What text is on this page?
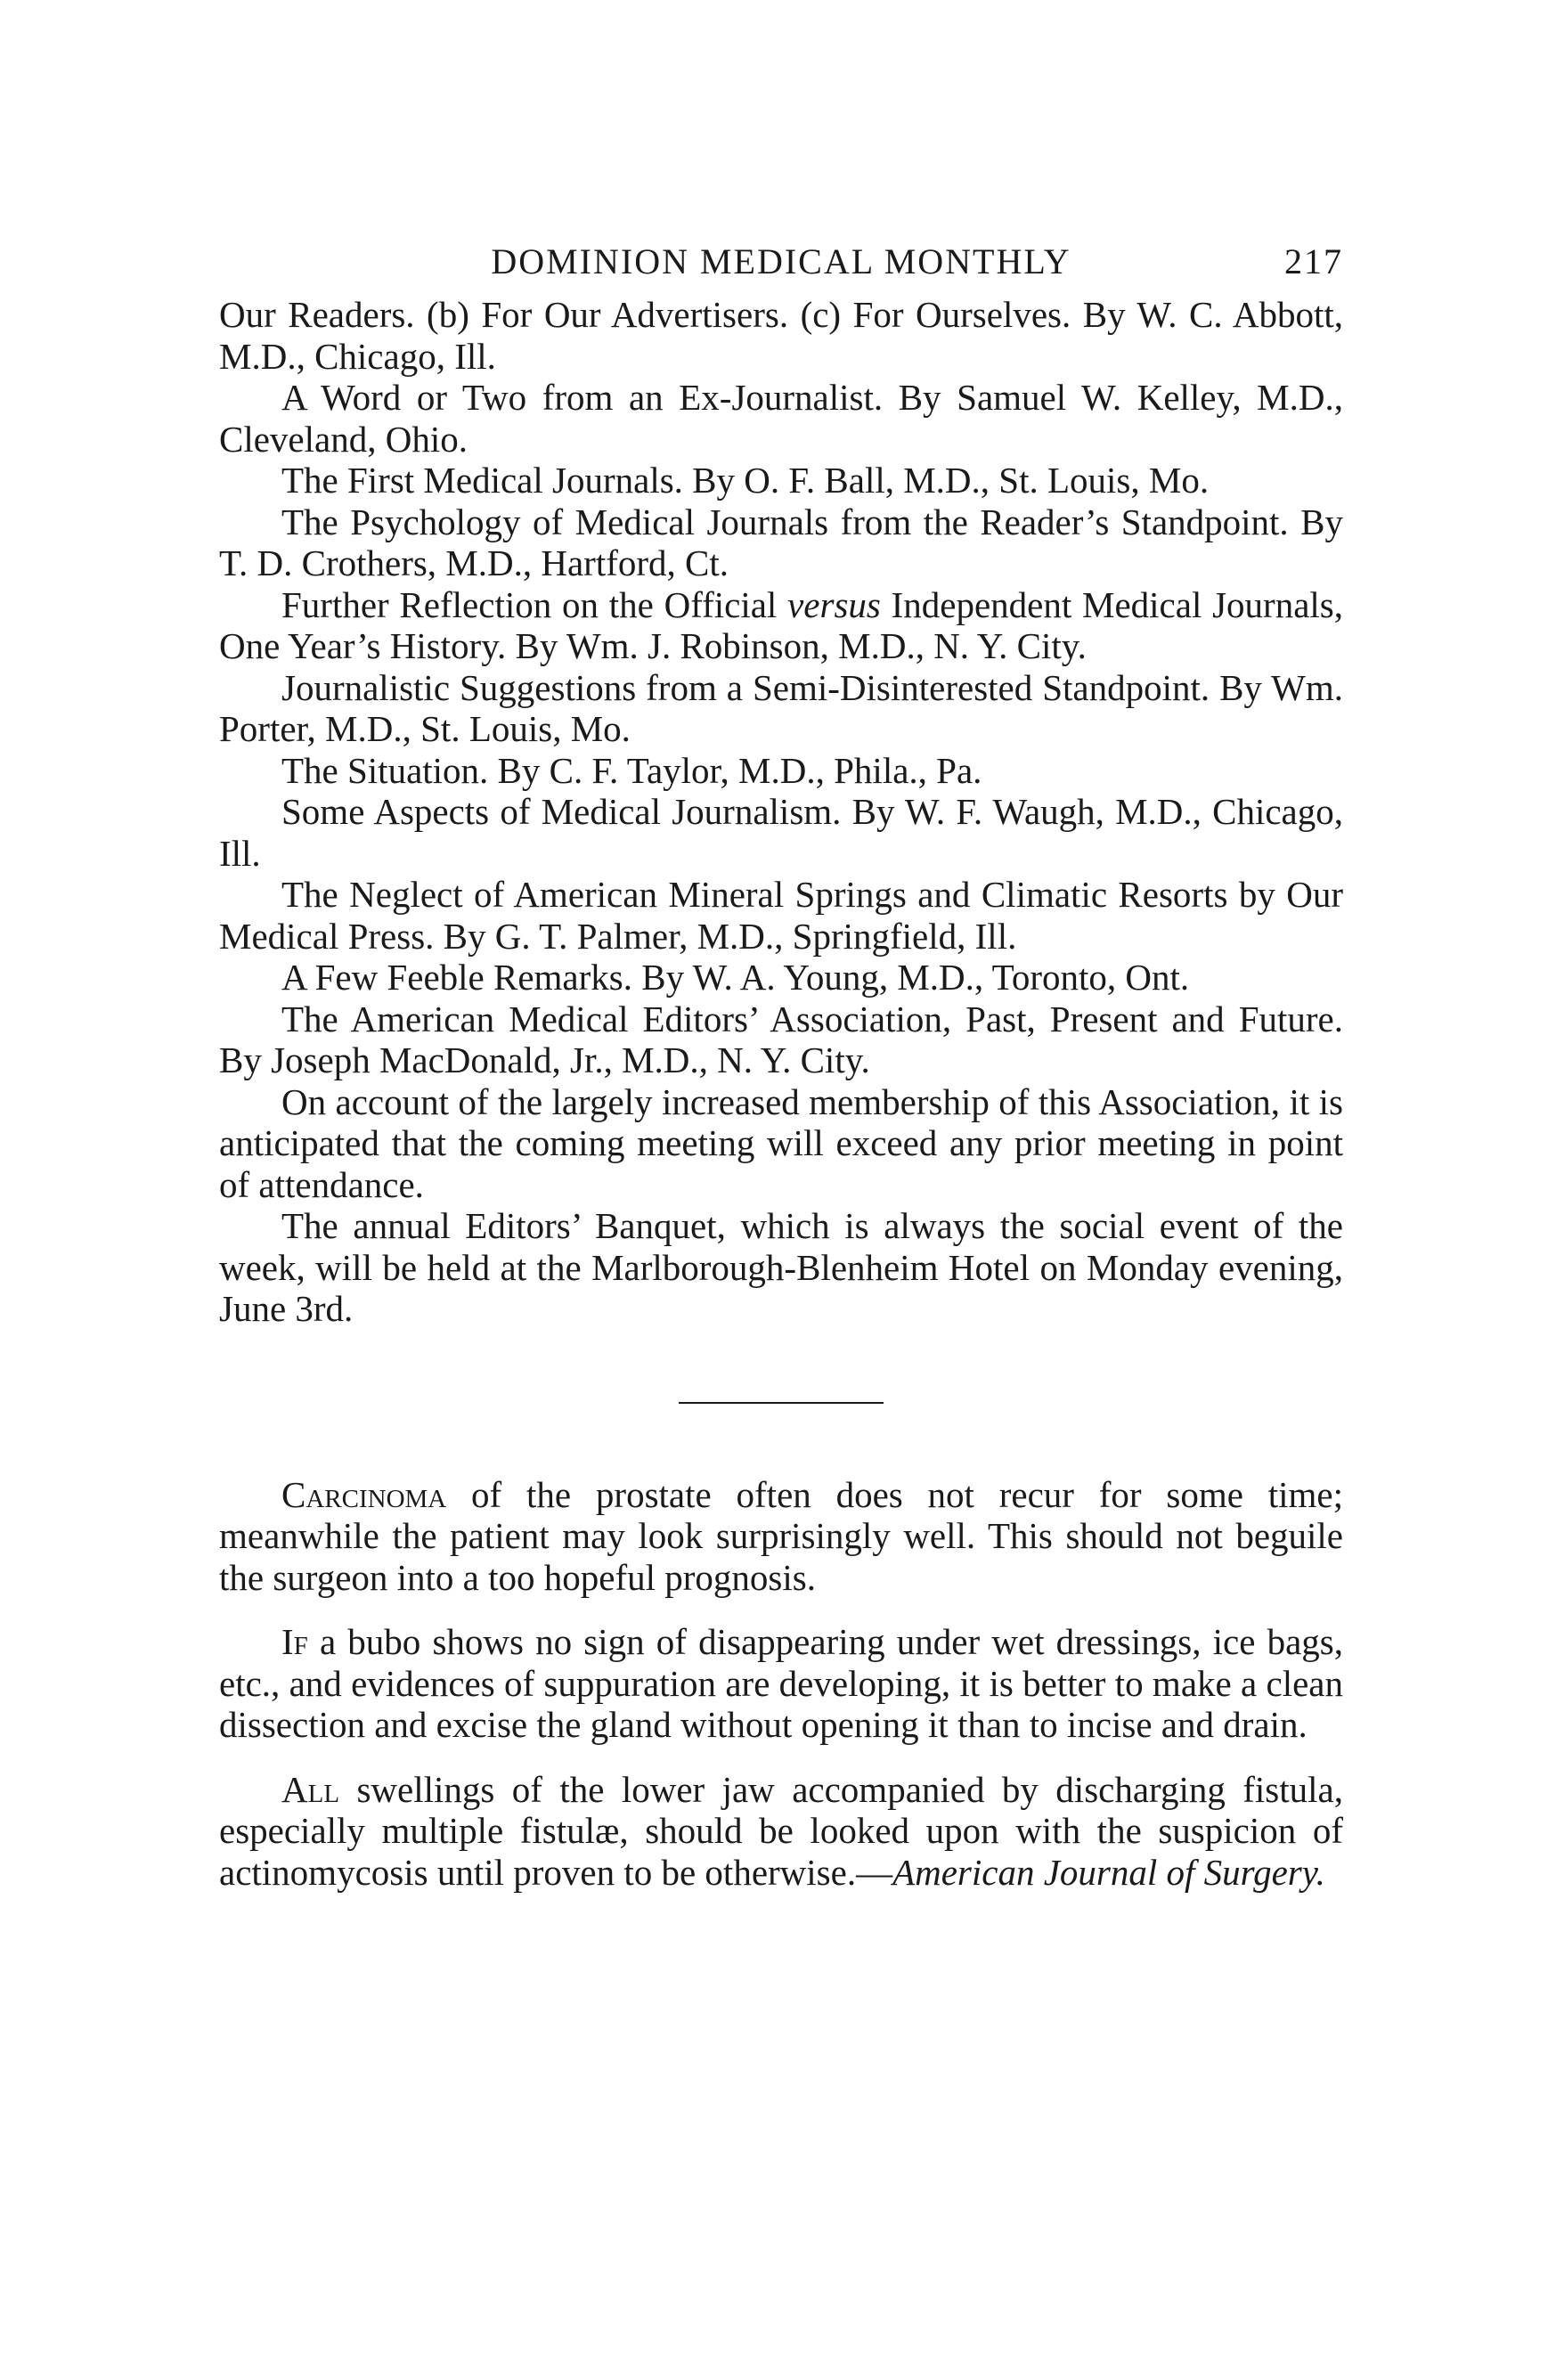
DOMINION MEDICAL MONTHLY	217

Our Readers. (b) For Our Advertisers. (c) For Ourselves. By W. C. Abbott, M.D., Chicago, Ill.

A Word or Two from an Ex-Journalist. By Samuel W. Kelley, M.D., Cleveland, Ohio.

The First Medical Journals. By O. F. Ball, M.D., St. Louis, Mo.

The Psychology of Medical Journals from the Reader’s Standpoint. By T. D. Crothers, M.D., Hartford, Ct.

Further Reflection on the Official versus Independent Medical Journals, One Year’s History. By Wm. J. Robinson, M.D., N. Y. City.

Journalistic Suggestions from a Semi-Disinterested Standpoint. By Wm. Porter, M.D., St. Louis, Mo.

The Situation. By C. F. Taylor, M.D., Phila., Pa.

Some Aspects of Medical Journalism. By W. F. Waugh, M.D., Chicago, Ill.

The Neglect of American Mineral Springs and Climatic Resorts by Our Medical Press. By G. T. Palmer, M.D., Springfield, Ill.

A Few Feeble Remarks. By W. A. Young, M.D., Toronto, Ont.

The American Medical Editors’ Association, Past, Present and Future. By Joseph MacDonald, Jr., M.D., N. Y. City.

On account of the largely increased membership of this Association, it is anticipated that the coming meeting will exceed any prior meeting in point of attendance.

The annual Editors’ Banquet, which is always the social event of the week, will be held at the Marlborough-Blenheim Hotel on Monday evening, June 3rd.

Carcinoma of the prostate often does not recur for some time; meanwhile the patient may look surprisingly well. This should not beguile the surgeon into a too hopeful prognosis.

If a bubo shows no sign of disappearing under wet dressings, ice bags, etc., and evidences of suppuration are developing, it is better to make a clean dissection and excise the gland without opening it than to incise and drain.

All swellings of the lower jaw accompanied by discharging fistula, especially multiple fistulæ, should be looked upon with the suspicion of actinomycosis until proven to be otherwise.—American Journal of Surgery.
